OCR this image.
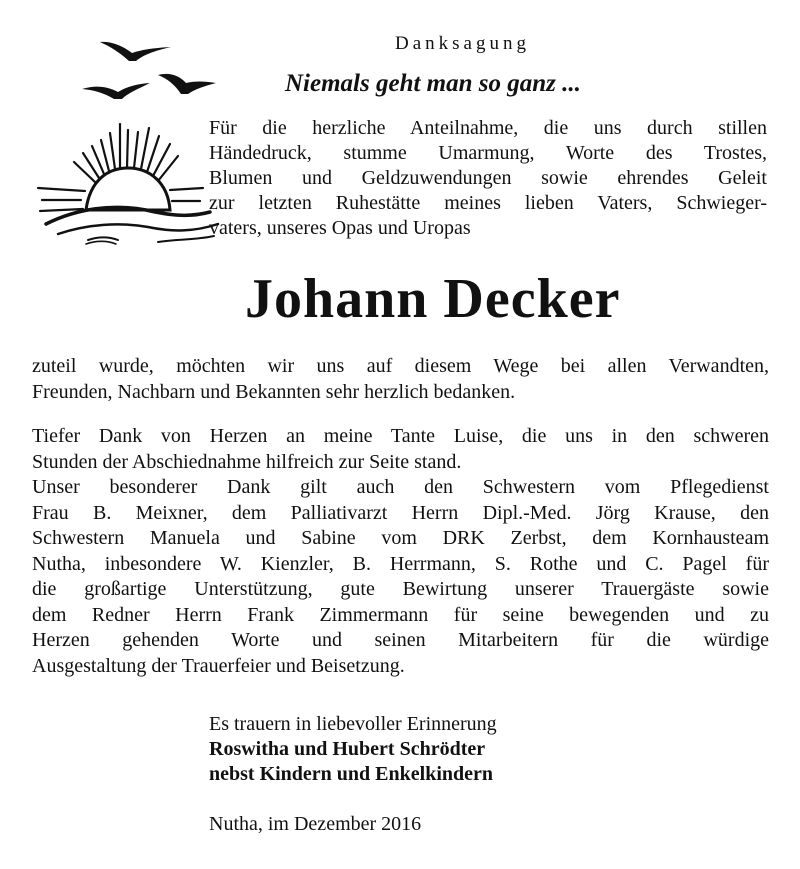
Danksagung
Niemals geht man so ganz ...
Für die herzliche Anteilnahme, die uns durch stillen
Händedruck, stumme Umarmung, Worte des Trostes,
Blumen und Geldzuwendungen sowie ehrendes Geleit
zur letzten Ruhestätte meines lieben Vaters, Schwieger-
vaters, unseres Opas und Uropas
Johann Decker
zuteil wurde, möchten wir uns auf diesem Wege bei allen Verwandten,
Freunden, Nachbarn und Bekannten sehr herzlich bedanken.
Tiefer Dank von Herzen an meine Tante Luise, die uns in den schweren
Stunden der Abschiednahme hilfreich zur Seite stand.
Unser besonderer Dank gilt auch den Schwestern vom Pflegedienst
Frau B. Meixner, dem Palliativarzt Herrn Dipl.-Med. Jörg Krause, den
Schwestern Manuela und Sabine vom DRK Zerbst, dem Kornhausteam
Nutha, inbesondere W. Kienzler, B. Herrmann, S. Rothe und C. Pagel für
die großartige Unterstützung, gute Bewirtung unserer Trauergäste sowie
dem Redner Herrn Frank Zimmermann für seine bewegenden und zu
Herzen gehenden Worte und seinen Mitarbeitern für die würdige
Ausgestaltung der Trauerfeier und Beisetzung.
Es trauern in liebevoller Erinnerung
Roswitha und Hubert Schrödter
nebst Kindern und Enkelkindern
Nutha, im Dezember 2016
